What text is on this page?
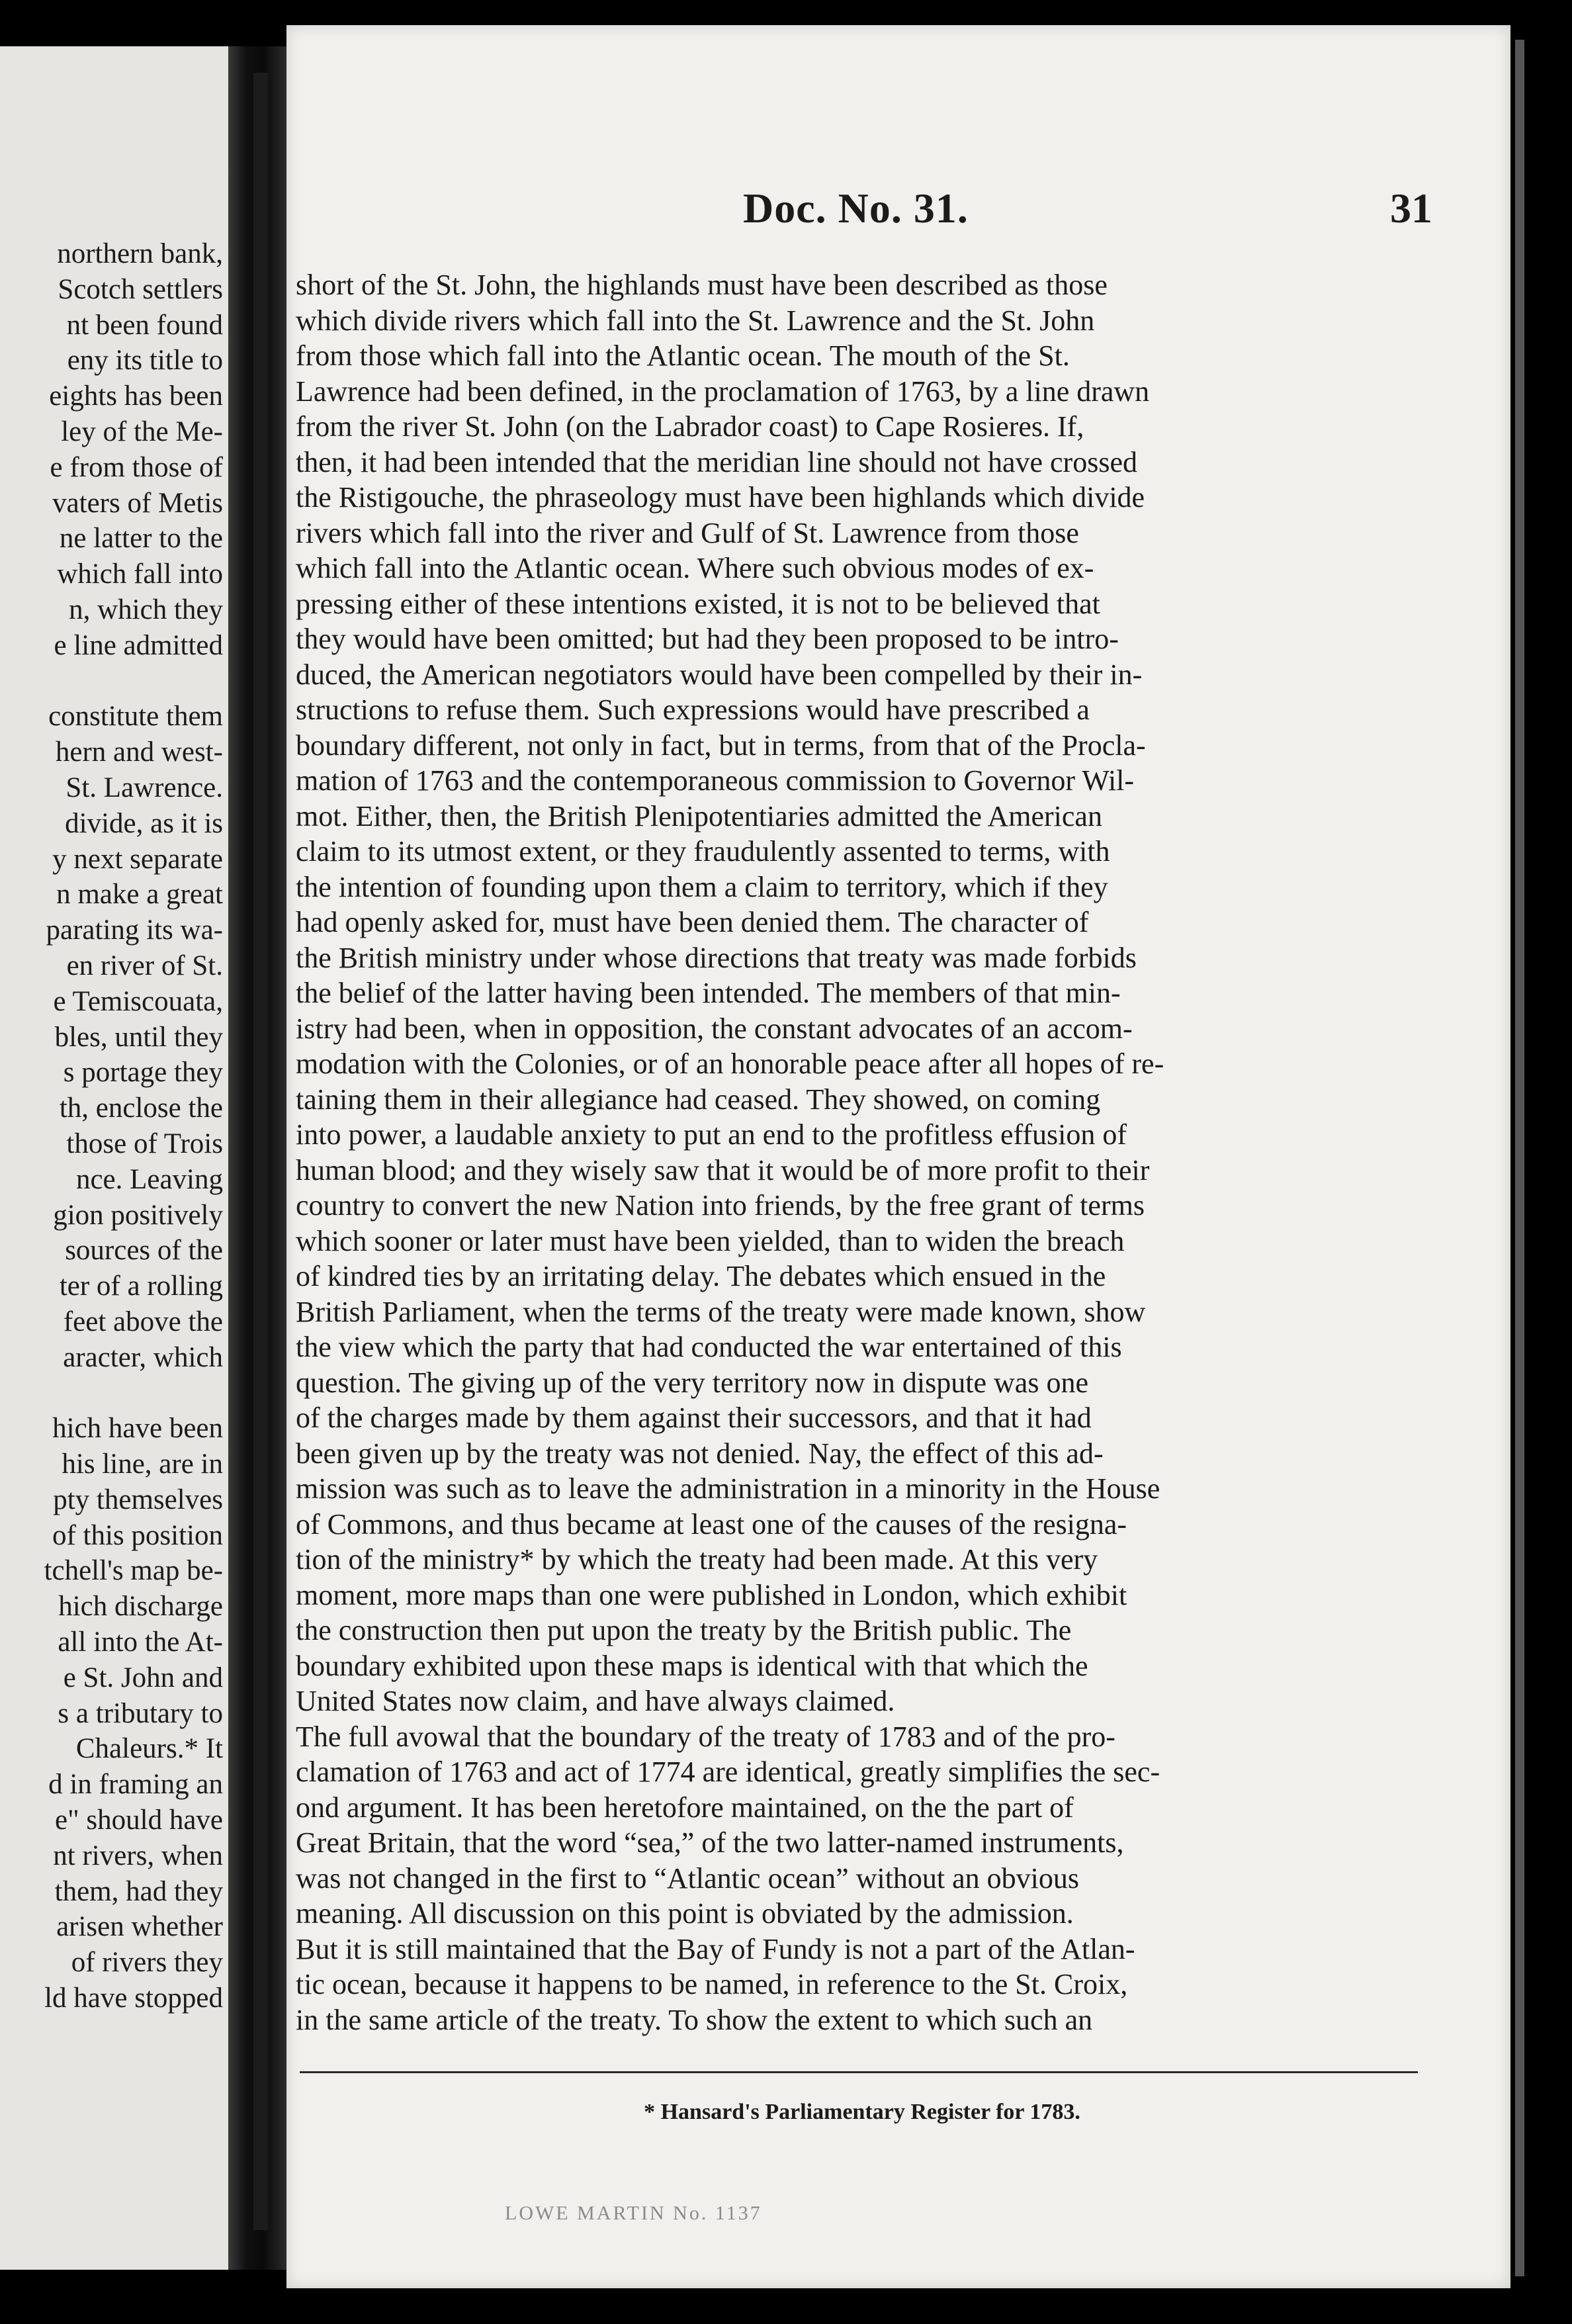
northern bank,
Scotch settlers
nt been found
eny its title to
eights has been
ley of the Me-
e from those of
vaters of Metis
ne latter to the
which fall into
n, which they
e line admitted
constitute them
hern and west-
St. Lawrence.
divide, as it is
y next separate
n make a great
parating its wa-
en river of St.
e Temiscouata,
bles, until they
s portage they
th, enclose the
those of Trois
nce. Leaving
gion positively
sources of the
ter of a rolling
feet above the
aracter, which
hich have been
his line, are in
pty themselves
of this position
tchell's map be-
hich discharge
all into the At-
e St. John and
s a tributary to
Chaleurs.* It
d in framing an
e" should have
nt rivers, when
them, had they
arisen whether
of rivers they
ld have stopped
Doc. No. 31.	31
short of the St. John, the highlands must have been described as those
which divide rivers which fall into the St. Lawrence and the St. John
from those which fall into the Atlantic ocean. The mouth of the St.
Lawrence had been defined, in the proclamation of 1763, by a line drawn
from the river St. John (on the Labrador coast) to Cape Rosieres. If,
then, it had been intended that the meridian line should not have crossed
the Ristigouche, the phraseology must have been highlands which divide
rivers which fall into the river and Gulf of St. Lawrence from those
which fall into the Atlantic ocean. Where such obvious modes of ex-
pressing either of these intentions existed, it is not to be believed that
they would have been omitted; but had they been proposed to be intro-
duced, the American negotiators would have been compelled by their in-
structions to refuse them. Such expressions would have prescribed a
boundary different, not only in fact, but in terms, from that of the Procla-
mation of 1763 and the contemporaneous commission to Governor Wil-
mot. Either, then, the British Plenipotentiaries admitted the American
claim to its utmost extent, or they fraudulently assented to terms, with
the intention of founding upon them a claim to territory, which if they
had openly asked for, must have been denied them. The character of
the British ministry under whose directions that treaty was made forbids
the belief of the latter having been intended. The members of that min-
istry had been, when in opposition, the constant advocates of an accom-
modation with the Colonies, or of an honorable peace after all hopes of re-
taining them in their allegiance had ceased. They showed, on coming
into power, a laudable anxiety to put an end to the profitless effusion of
human blood; and they wisely saw that it would be of more profit to their
country to convert the new Nation into friends, by the free grant of terms
which sooner or later must have been yielded, than to widen the breach
of kindred ties by an irritating delay. The debates which ensued in the
British Parliament, when the terms of the treaty were made known, show
the view which the party that had conducted the war entertained of this
question. The giving up of the very territory now in dispute was one
of the charges made by them against their successors, and that it had
been given up by the treaty was not denied. Nay, the effect of this ad-
mission was such as to leave the administration in a minority in the House
of Commons, and thus became at least one of the causes of the resigna-
tion of the ministry* by which the treaty had been made. At this very
moment, more maps than one were published in London, which exhibit
the construction then put upon the treaty by the British public. The
boundary exhibited upon these maps is identical with that which the
United States now claim, and have always claimed.
The full avowal that the boundary of the treaty of 1783 and of the pro-
clamation of 1763 and act of 1774 are identical, greatly simplifies the sec-
ond argument. It has been heretofore maintained, on the the part of
Great Britain, that the word “sea,” of the two latter-named instruments,
was not changed in the first to “Atlantic ocean” without an obvious
meaning. All discussion on this point is obviated by the admission.
But it is still maintained that the Bay of Fundy is not a part of the Atlan-
tic ocean, because it happens to be named, in reference to the St. Croix,
in the same article of the treaty. To show the extent to which such an
* Hansard's Parliamentary Register for 1783.
LOWE MARTIN No. 1137
